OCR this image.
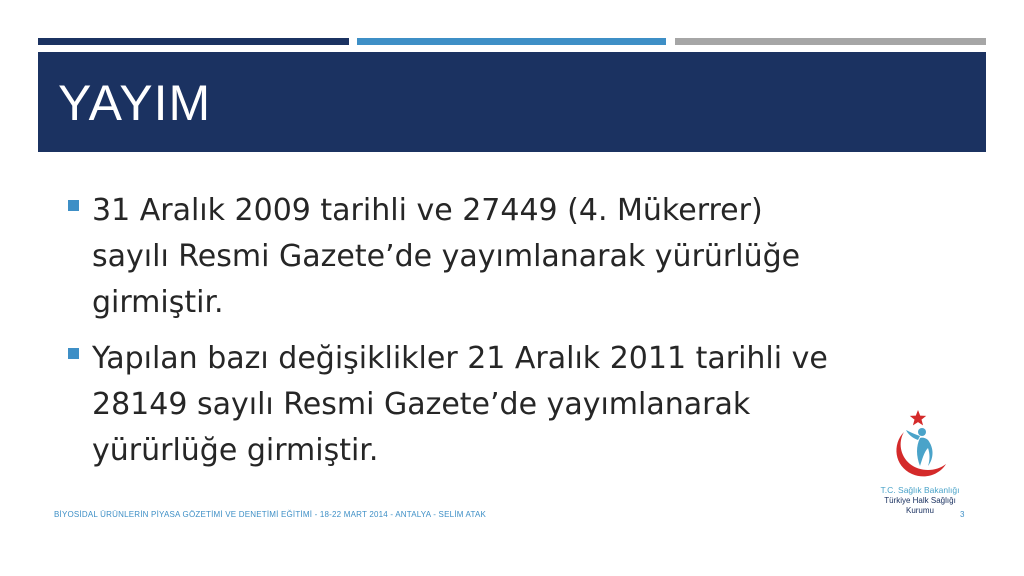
YAYIM
31 Aralık 2009 tarihli ve 27449 (4. Mükerrer) sayılı Resmi Gazete’de yayımlanarak yürürlüğe girmiştir.
Yapılan bazı değişiklikler 21 Aralık 2011 tarihli ve 28149 sayılı Resmi Gazete’de yayımlanarak yürürlüğe girmiştir.
BİYOSİDAL ÜRÜNLERİN PİYASA GÖZETİMİ VE DENETİMİ EĞİTİMİ - 18-22 MART 2014 - ANTALYA - SELİM ATAK	3
T.C. Sağlık Bakanlığı
Türkiye Halk Sağlığı
Kurumu
